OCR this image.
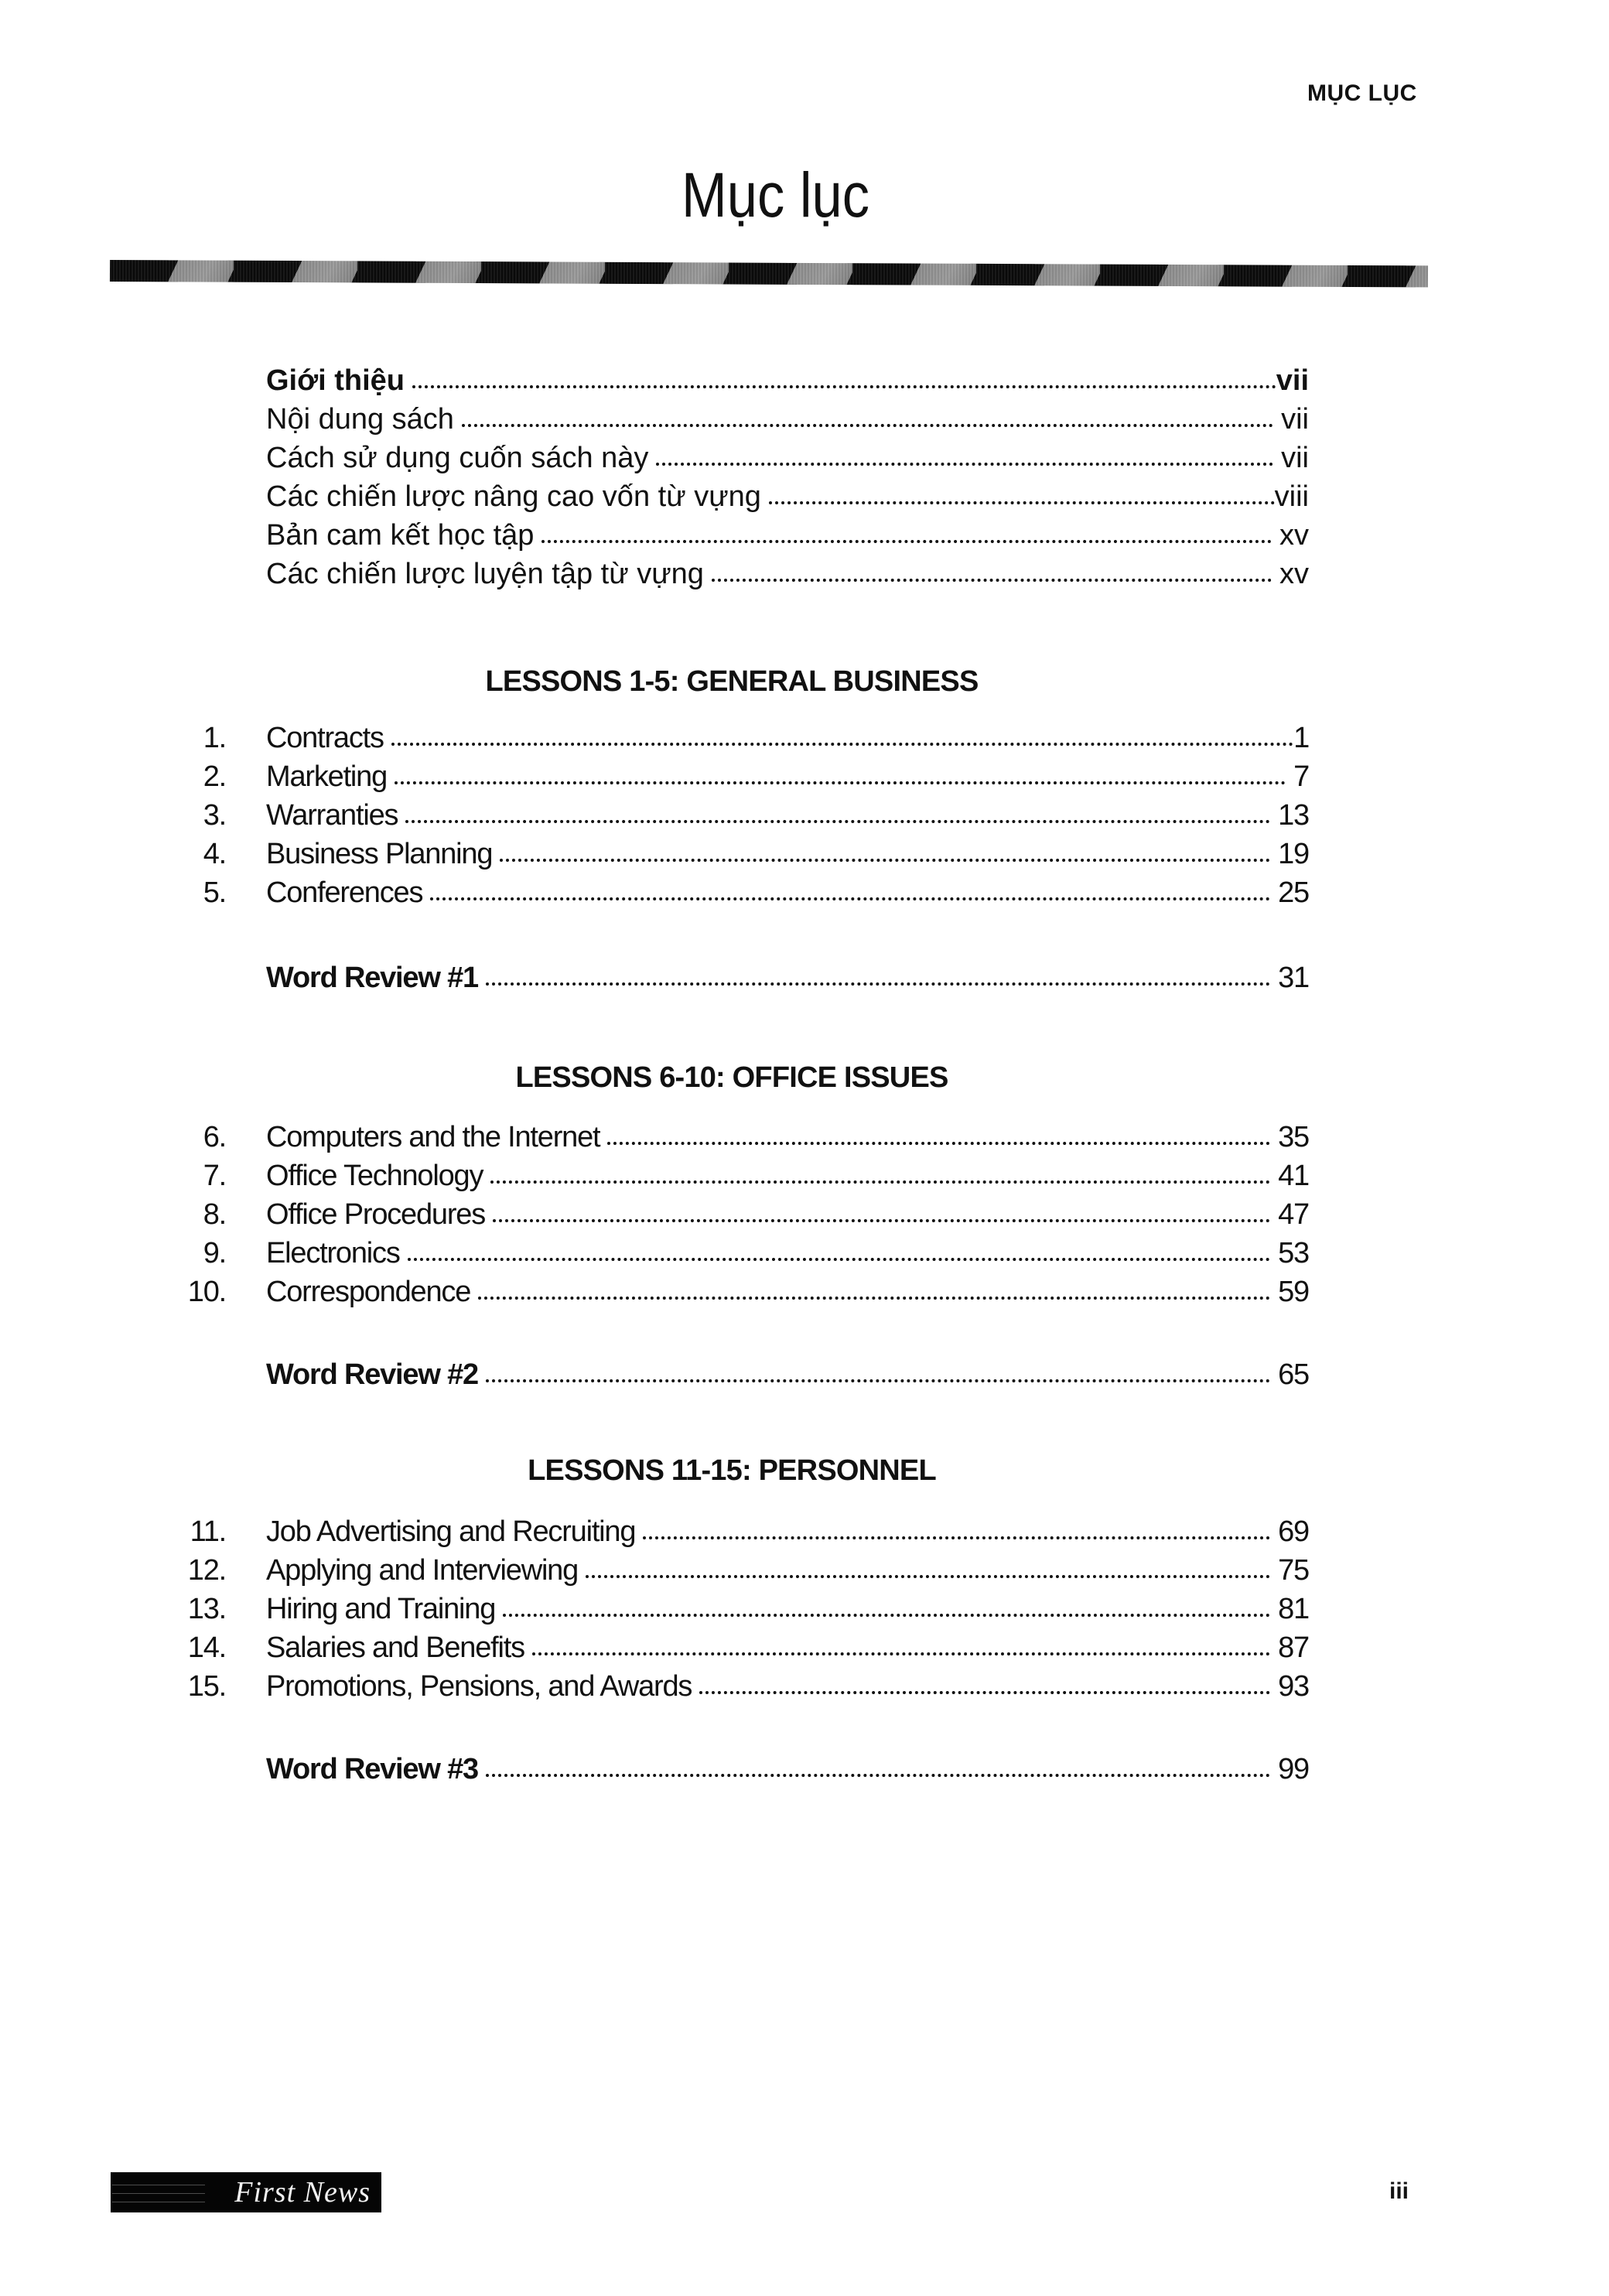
MỤC LỤC
Mục lục
Giới thiệu	vii
Nội dung sách	vii
Cách sử dụng cuốn sách này	vii
Các chiến lược nâng cao vốn từ vựng	viii
Bản cam kết học tập	xv
Các chiến lược luyện tập từ vựng	xv
LESSONS 1-5: GENERAL BUSINESS
1. Contracts	1
2. Marketing	7
3. Warranties	13
4. Business Planning	19
5. Conferences	25
Word Review #1	31
LESSONS 6-10: OFFICE ISSUES
6. Computers and the Internet	35
7. Office Technology	41
8. Office Procedures	47
9. Electronics	53
10. Correspondence	59
Word Review #2	65
LESSONS 11-15: PERSONNEL
11. Job Advertising and Recruiting	69
12. Applying and Interviewing	75
13. Hiring and Training	81
14. Salaries and Benefits	87
15. Promotions, Pensions, and Awards	93
Word Review #3	99
First News	iii
